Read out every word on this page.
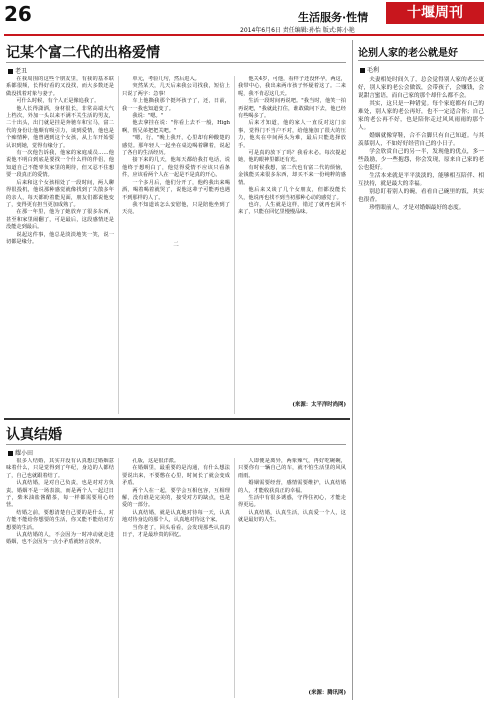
26	生活服务·性情	十堰周刊
2014年6月6日 责任编辑:孙怡 版式:陈小艳
记某个富二代的出格爱情
老丑

在我周围的这些个朋友里，有我的基本联系都很频，长得好看的又没找，而大多数还是做没找着对象与妻子。

可什么时候，有个人正是像追我了。

他人长得潇洒，身材很长，非常高端大气上档次，外加一头以来不满不关生活的男友，二十出头，出门就是挂是奔驰车和宝马，富二代的身份让他颇有吸引力，谈到爱情，他也是个痴情种，他曾遇到这个女孩，从上车开始要认识到她，觉得有缘分了。

有一次他告诉我，他家的家庭成员……他说他不明白到底是要找一个什么样的伴侣，他知道自己不能辜负家里的期待，但又忍不住想要一段真正的爱情。

后来和这个女孩相处了一段时间，两人聊得很投机，他说那种感觉就像找到了失散多年的亲人，每天都盼着能见面，朋友们都说他变了，变得更有担当更加成熟了。

在那一年里，他为了她放弃了很多东西，甚至和家里闹翻了，可是最后，这段感情还是没能走到最后。

说起这件事，他总是淡淡地笑一笑，说一切都是缘分。

单元，考验几句，然后进入。

突然某天，几天后来我公司找我，短信上只说了两字：急事！

车上他撕我那个挺坏孩子了，还，日前，我一一我也知道变了。

我说："嗯。"

他去拿挂在说："你看上去不一般，High啊，帮兄弟把把关吧。"

"嗯，行。"晚上我开，心里却有种酸楚的感觉。那年轻人一起坐在桌边喝着聊着，说起了各自的生活经历。

接下来的几天，他每天都给我打电话，说他终于想明白了，他觉得爱情不应该只看条件，应该看两个人在一起是不是真的开心。

一个多月后，他们分开了，他约我出来喝酒，喝着喝着就哭了，说他这辈子可能再也遇不到那样的人了。

我不知道该怎么安慰他，只是陪他坐到了天亮。

他关4岁，可他，看样子还没怀孕，两这，我带中心，我出来两市孩子怀疑着这了。二来呢，我不肯忍这几天。

生活一段时间再说吧。"我当时，他笑一拍再说吧，"我就此打住，谁敢做问下去，他已经有些喝多了。

后来才知道，他的家人一直反对这门亲事，觉得门不当户不对，给他施加了很大的压力，他夹在中间两头为难，最后只能选择放手。

可是真的放下了吗？我看未必。每次提起她，他的眼神里都还有光。

有时候我想，富二代也有富二代的烦恼，金钱能买来很多东西，却买不来一份纯粹的感情。

他后来又谈了几个女朋友，但都没能长久，他说再也找不到当初那种心动的感觉了。

也许，人生就是这样，错过了就再也回不来了，只能在回忆里慢慢品味。

二
(来源：太平洋时尚网)
认真结婚
耀小田

很多人结婚，其实并没有认真想过婚姻意味着什么，只是觉得到了年纪，身边的人都结了，自己也就跟着结了。

认真结婚，是对自己负责，也是对对方负责。婚姻不是一场表演，而是两个人一起过日子，柴米油盐酱醋茶，每一样都需要用心经营。

结婚之前，要想清楚自己要的是什么，对方能不能给你想要的生活，你又能不能给对方想要的生活。

认真结婚的人，不会因为一时冲动就走进婚姻，也不会因为一点小矛盾就轻言放弃。

孔版，这是很洋派。

在婚姻里，最重要的是沟通，有什么想法要说出来，不要憋在心里，时间长了就会变成矛盾。

两个人在一起，要学会互相包容，互相理解，没有谁是完美的，接受对方的缺点，也是爱的一部分。

认真结婚，就是认真地对待每一天，认真地对待身边的那个人，认真地对待这个家。

当你老了，回头看看，会发现那些认真的日子，才是最珍贵的回忆。

人即便是离异，两象辣气，再好吃碗碗，只要你有一辆自己的车，就不怕生活里的风风雨雨。

婚姻需要经营，感情需要维护，认真结婚的人，才能收获真正的幸福。

生活中有很多诱惑，守得住初心，才能走得更远。

认真结婚，认真生活，认真爱一个人，这就是最好的人生。

(来源：腾讯网)
论别人家的老公就是好
毛利

夫妻相处时间久了，总会觉得别人家的老公更好，别人家的老公会做饭，会带孩子，会赚钱，会说甜言蜜语，而自己家的那个却什么都不会。

其实，这只是一种错觉。每个家庭都有自己的难处，别人家的老公再好，也不一定适合你；自己家的老公再不好，也是陪你走过风风雨雨的那个人。

婚姻就像穿鞋，合不合脚只有自己知道。与其羡慕别人，不如好好经营自己的小日子。

学会欣赏自己的另一半，发现他的优点，多一些鼓励，少一些抱怨，你会发现，原来自己家的老公也挺好。

生活本来就是平平淡淡的，能够相互陪伴、相互扶持，就是最大的幸福。

别总盯着别人的碗，看看自己碗里的饭，其实也很香。

珍惜眼前人，才是对婚姻最好的态度。
